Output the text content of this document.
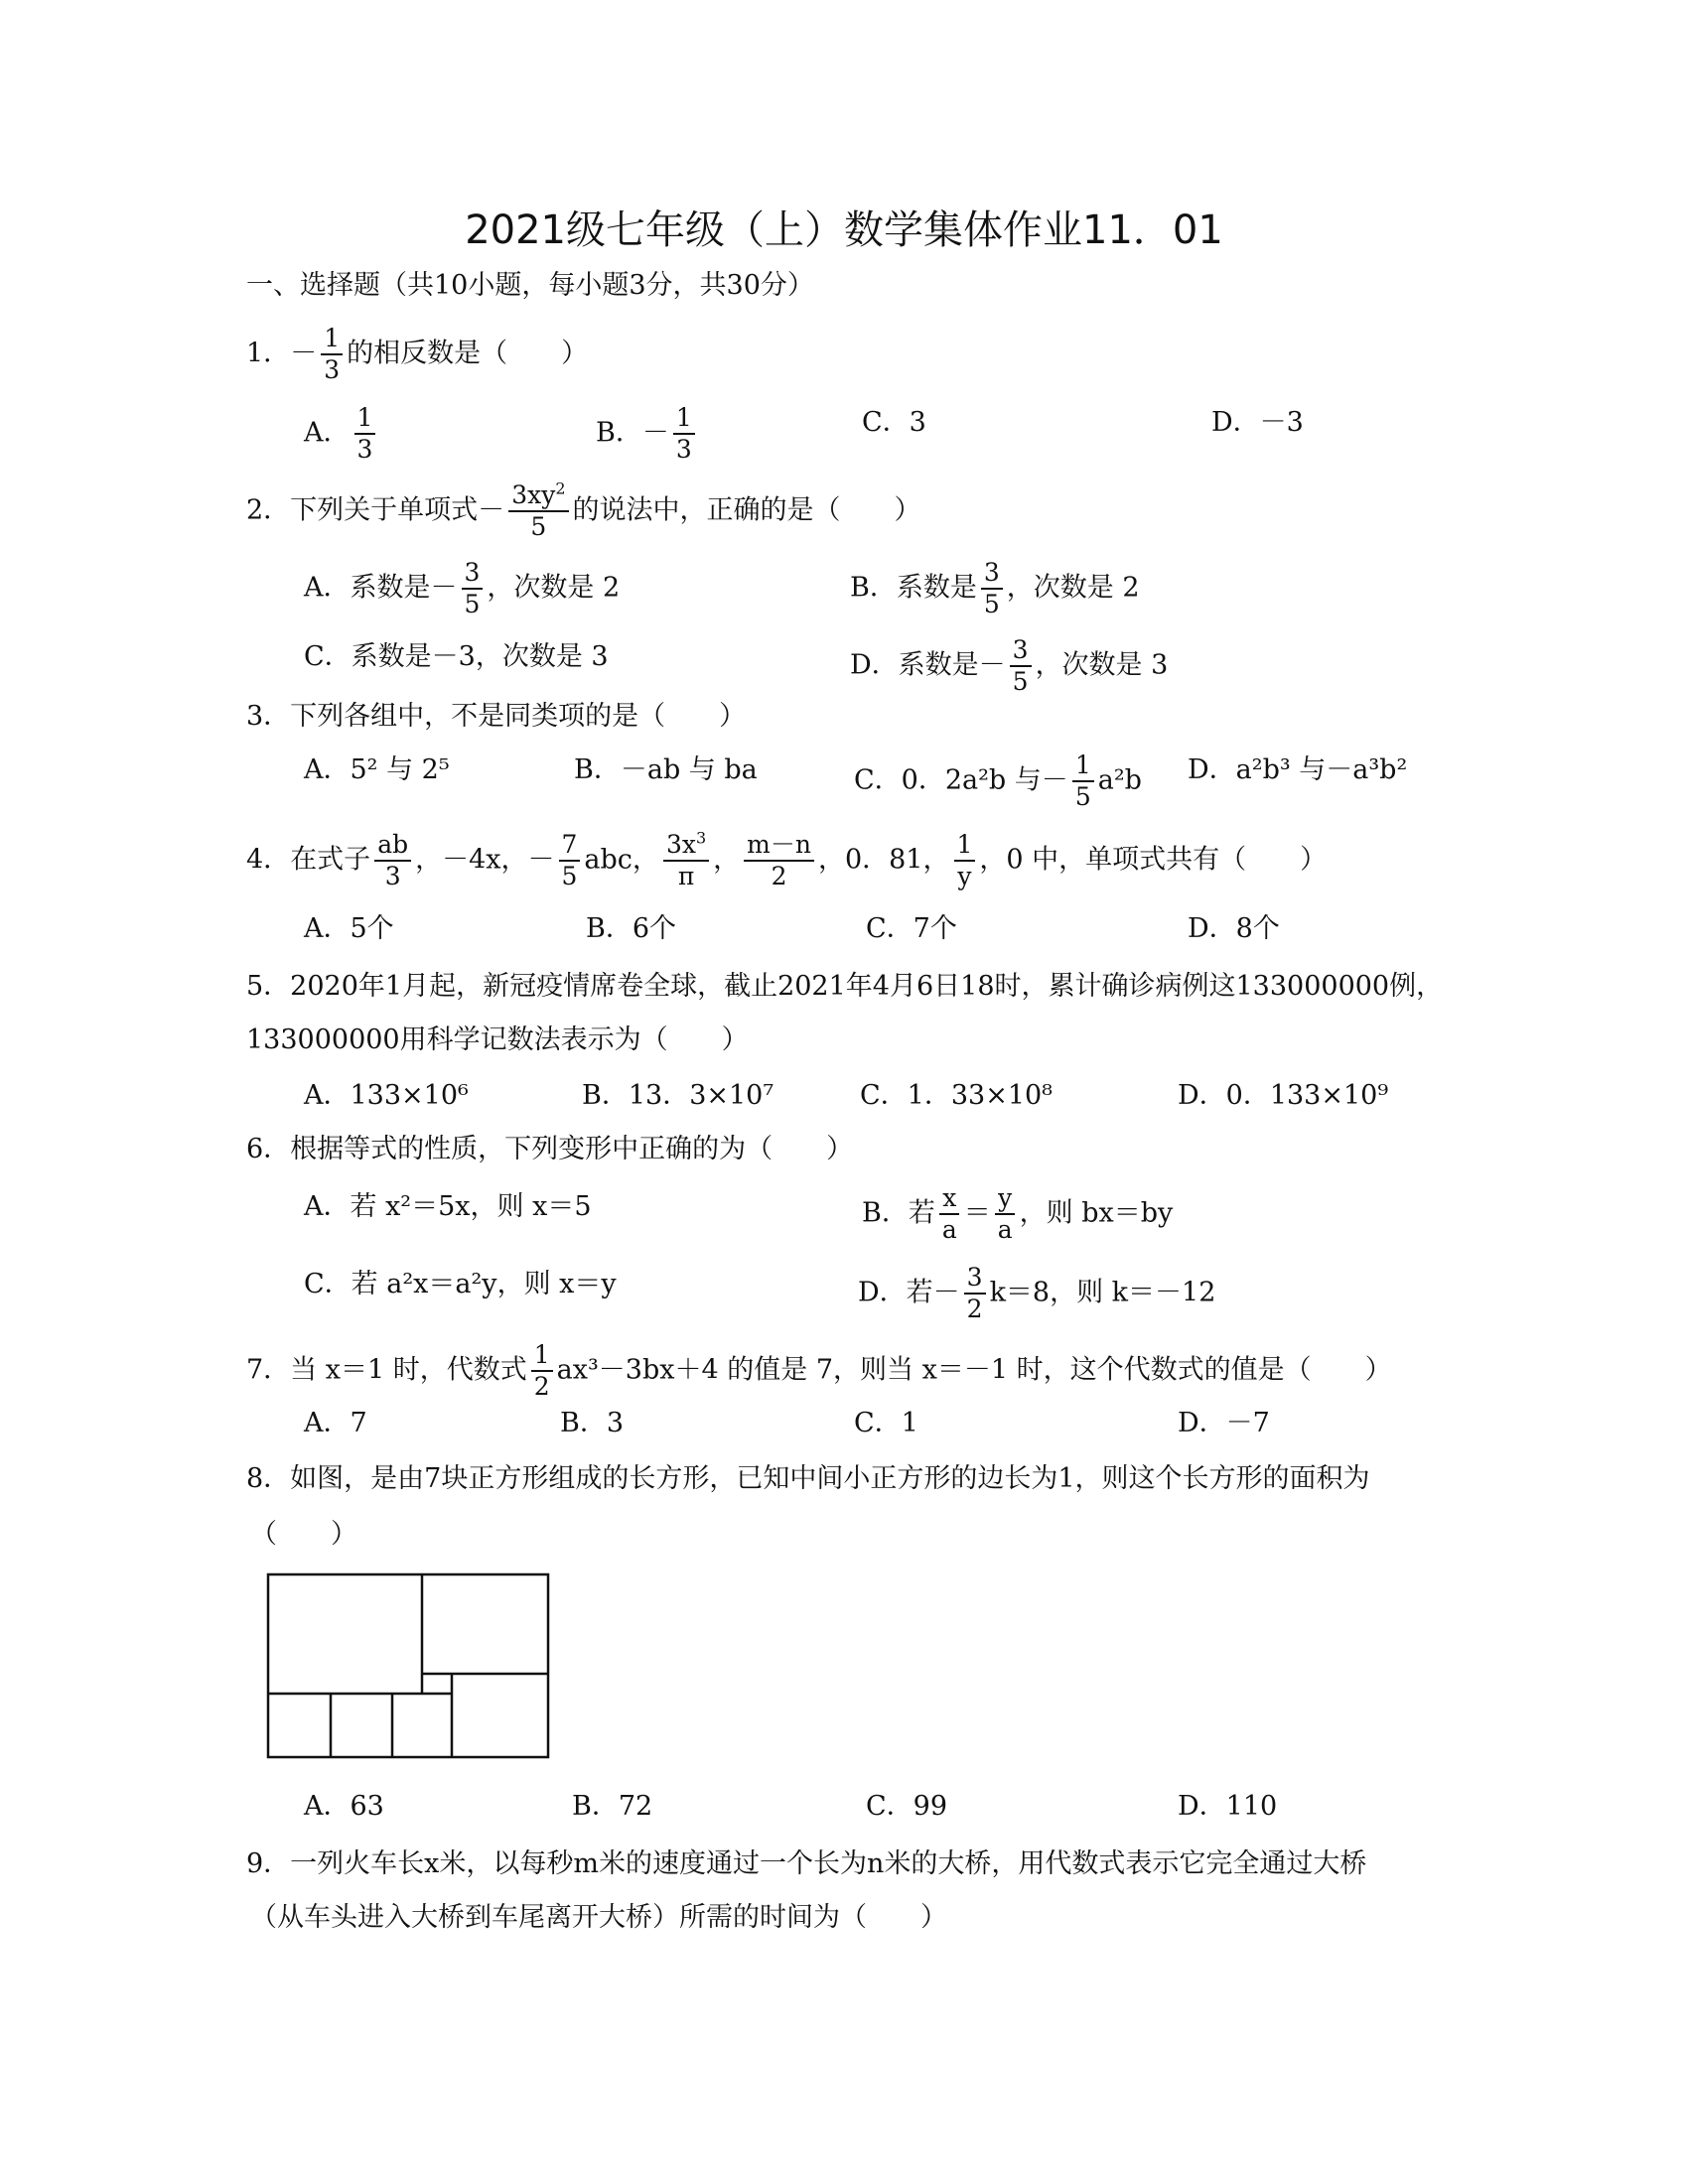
2021级七年级（上）数学集体作业11．01
一、选择题（共10小题，每小题3分，共30分）
1．－ $\frac{1}{3}$ 的相反数是（　　）
A． $\frac{1}{3}$	B．－ $\frac{1}{3}$	C．3	D．－3
2．下列关于单项式－ $\frac{3xy^2}{5}$ 的说法中，正确的是（　　）
A．系数是－ $\frac{3}{5}$ ，次数是 2	B．系数是 $\frac{3}{5}$ ，次数是 2
C．系数是－3，次数是 3	D．系数是－ $\frac{3}{5}$ ，次数是 3
3．下列各组中，不是同类项的是（　　）
A．5² 与 2⁵	B．－ab 与 ba	C．0．2a²b 与－ $\frac{1}{5} a^2b$ D．a²b³ 与－a³b²
4．在式子 $\frac{ab}{3}$ ，－4x，－ $\frac{7}{5}$ abc， $\frac{3x^3}{\pi}$ ， $\frac{m-n}{2}$ ，0．81， $\frac{1}{y}$ ，0 中，单项式共有（　　）
A．5个	B．6个	C．7个	D．8个
5．2020年1月起，新冠疫情席卷全球，截止2021年4月6日18时，累计确诊病例这133000000例，
133000000用科学记数法表示为（　　）
A．133×10⁶	B．13．3×10⁷	C．1．33×10⁸	D．0．133×10⁹
6．根据等式的性质，下列变形中正确的为（　　）
A．若 x²＝5x，则 x＝5	B．若 $\frac{x}{a} = \frac{y}{a}$ ，则 bx＝by
C．若 a²x＝a²y，则 x＝y	D．若－ $\frac{3}{2} k=8$，则 k＝－12
7．当 x＝1 时，代数式 $\frac{1}{2} ax^3-3bx+4$ 的值是 7，则当 x＝－1 时，这个代数式的值是（　　）
A．7	B．3	C．1	D．－7
8．如图，是由7块正方形组成的长方形，已知中间小正方形的边长为1，则这个长方形的面积为
（　　）
A．63	B．72	C．99	D．110
9．一列火车长x米，以每秒m米的速度通过一个长为n米的大桥，用代数式表示它完全通过大桥
（从车头进入大桥到车尾离开大桥）所需的时间为（　　）
